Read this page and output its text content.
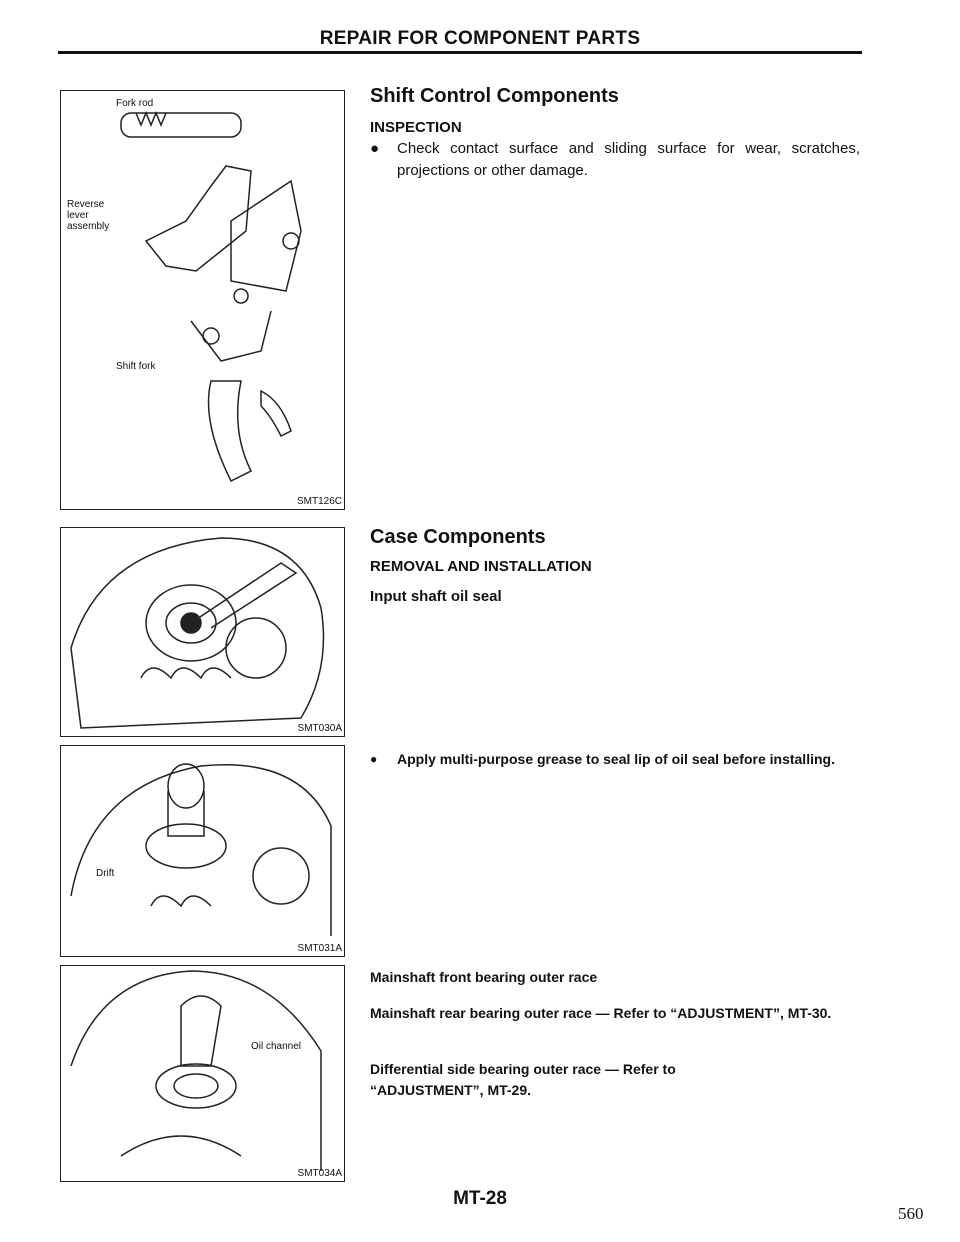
REPAIR FOR COMPONENT PARTS
Fork rod
Reverse lever assembly
Shift fork
SMT126C
SMT030A
Drift
SMT031A
Oil channel
SMT034A
Shift Control Components
INSPECTION
● Check contact surface and sliding surface for wear, scratches, projections or other damage.
Case Components
REMOVAL AND INSTALLATION
Input shaft oil seal
● Apply multi-purpose grease to seal lip of oil seal before installing.
Mainshaft front bearing outer race
Mainshaft rear bearing outer race — Refer to “ADJUSTMENT”, MT-30.
Differential side bearing outer race — Refer to “ADJUSTMENT”, MT-29.
MT-28
560
